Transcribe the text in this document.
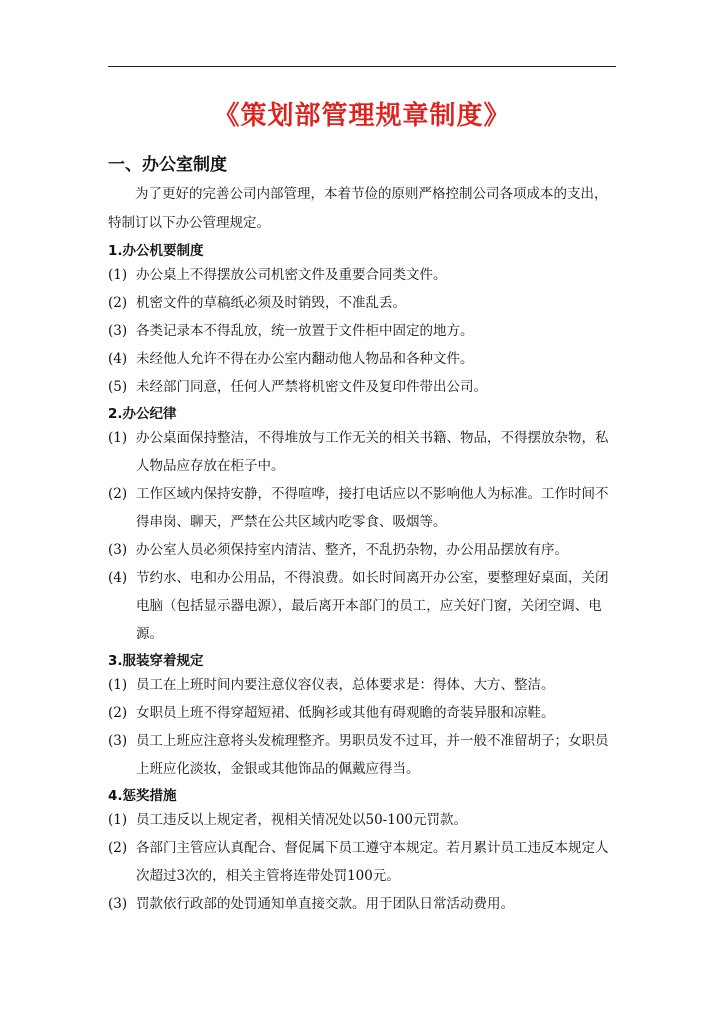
《策划部管理规章制度》

一、办公室制度

为了更好的完善公司内部管理，本着节俭的原则严格控制公司各项成本的支出，特制订以下办公管理规定。

1.办公机要制度

(1) 办公桌上不得摆放公司机密文件及重要合同类文件。
(2) 机密文件的草稿纸必须及时销毁，不准乱丢。
(3) 各类记录本不得乱放，统一放置于文件柜中固定的地方。
(4) 未经他人允许不得在办公室内翻动他人物品和各种文件。
(5) 未经部门同意，任何人严禁将机密文件及复印件带出公司。

2.办公纪律

(1) 办公桌面保持整洁，不得堆放与工作无关的相关书籍、物品，不得摆放杂物，私人物品应存放在柜子中。
(2) 工作区域内保持安静，不得喧哗，接打电话应以不影响他人为标准。工作时间不得串岗、聊天，严禁在公共区域内吃零食、吸烟等。
(3) 办公室人员必须保持室内清洁、整齐，不乱扔杂物，办公用品摆放有序。
(4) 节约水、电和办公用品，不得浪费。如长时间离开办公室，要整理好桌面，关闭电脑（包括显示器电源），最后离开本部门的员工，应关好门窗，关闭空调、电源。

3.服装穿着规定

(1) 员工在上班时间内要注意仪容仪表，总体要求是：得体、大方、整洁。
(2) 女职员上班不得穿超短裙、低胸衫或其他有碍观瞻的奇装异服和凉鞋。
(3) 员工上班应注意将头发梳理整齐。男职员发不过耳，并一般不准留胡子；女职员上班应化淡妆，金银或其他饰品的佩戴应得当。

4.惩奖措施

(1) 员工违反以上规定者，视相关情况处以50-100元罚款。
(2) 各部门主管应认真配合、督促属下员工遵守本规定。若月累计员工违反本规定人次超过3次的，相关主管将连带处罚100元。
(3) 罚款依行政部的处罚通知单直接交款。用于团队日常活动费用。
